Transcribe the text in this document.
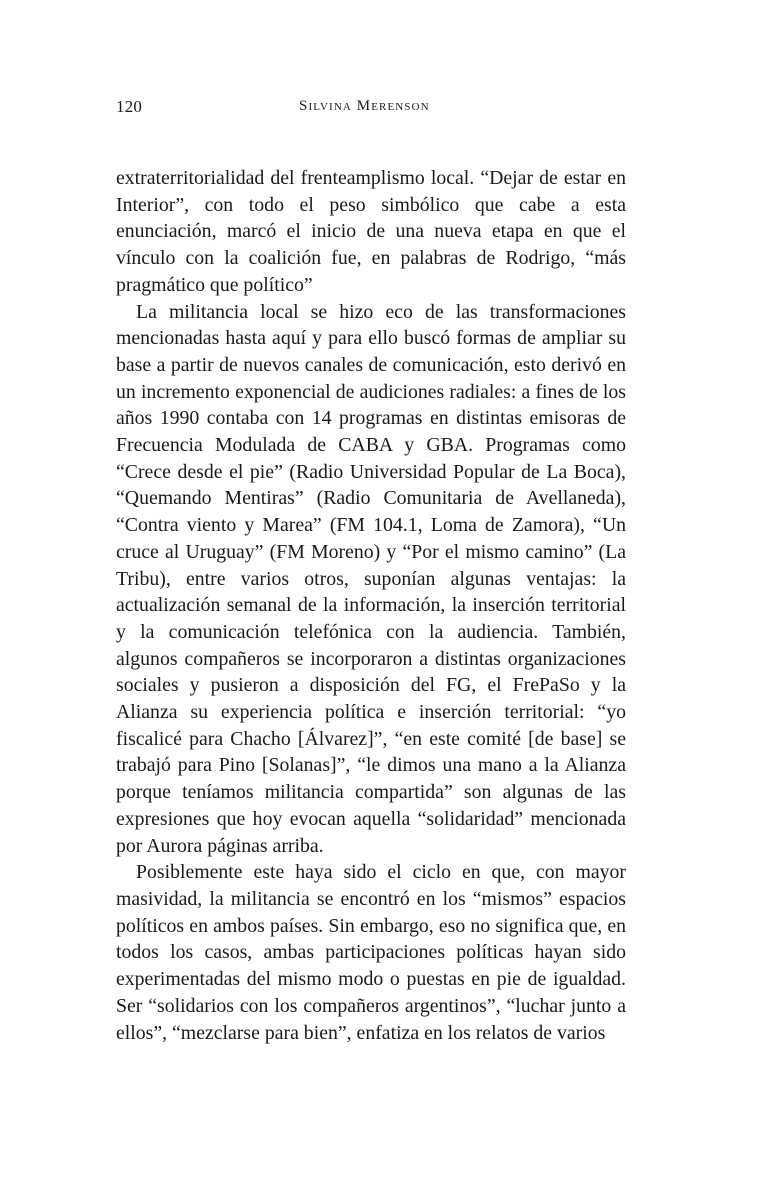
120	Silvina Merenson

extraterritorialidad del frenteamplismo local. “Dejar de estar en Interior”, con todo el peso simbólico que cabe a esta enunciación, marcó el inicio de una nueva etapa en que el vínculo con la coalición fue, en palabras de Rodrigo, “más pragmático que político”

La militancia local se hizo eco de las transformaciones mencionadas hasta aquí y para ello buscó formas de ampliar su base a partir de nuevos canales de comunicación, esto derivó en un incremento exponencial de audiciones radiales: a fines de los años 1990 contaba con 14 programas en distintas emisoras de Frecuencia Modulada de CABA y GBA. Programas como “Crece desde el pie” (Radio Universidad Popular de La Boca), “Quemando Mentiras” (Radio Comunitaria de Avellaneda), “Contra viento y Marea” (FM 104.1, Loma de Zamora), “Un cruce al Uruguay” (FM Moreno) y “Por el mismo camino” (La Tribu), entre varios otros, suponían algunas ventajas: la actualización semanal de la información, la inserción territorial y la comunicación telefónica con la audiencia. También, algunos compañeros se incorporaron a distintas organizaciones sociales y pusieron a disposición del FG, el FrePaSo y la Alianza su experiencia política e inserción territorial: “yo fiscalicé para Chacho [Álvarez]”, “en este comité [de base] se trabajó para Pino [Solanas]”, “le dimos una mano a la Alianza porque teníamos militancia compartida” son algunas de las expresiones que hoy evocan aquella “solidaridad” mencionada por Aurora páginas arriba.

Posiblemente este haya sido el ciclo en que, con mayor masividad, la militancia se encontró en los “mismos” espacios políticos en ambos países. Sin embargo, eso no significa que, en todos los casos, ambas participaciones políticas hayan sido experimentadas del mismo modo o puestas en pie de igualdad. Ser “solidarios con los compañeros argentinos”, “luchar junto a ellos”, “mezclarse para bien”, enfatiza en los relatos de varios
